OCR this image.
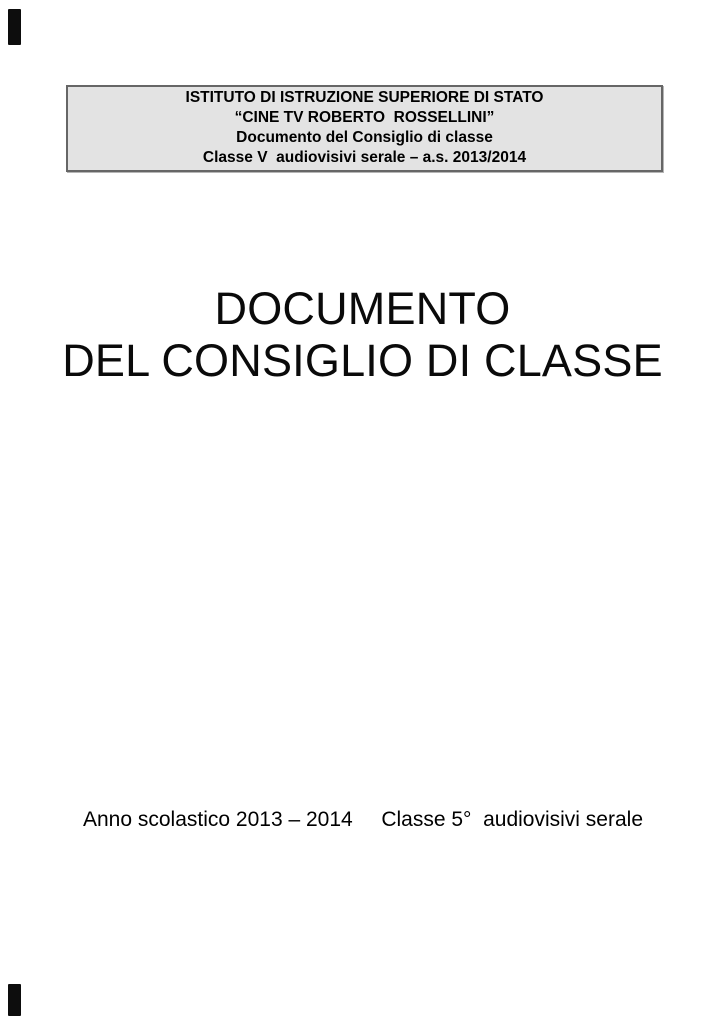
ISTITUTO DI ISTRUZIONE SUPERIORE DI STATO
“CINE TV ROBERTO  ROSSELLINI”
Documento del Consiglio di classe
Classe V  audiovisivi serale – a.s. 2013/2014
DOCUMENTO
DEL CONSIGLIO DI CLASSE
Anno scolastico 2013 – 2014 Classe 5°  audiovisivi serale
